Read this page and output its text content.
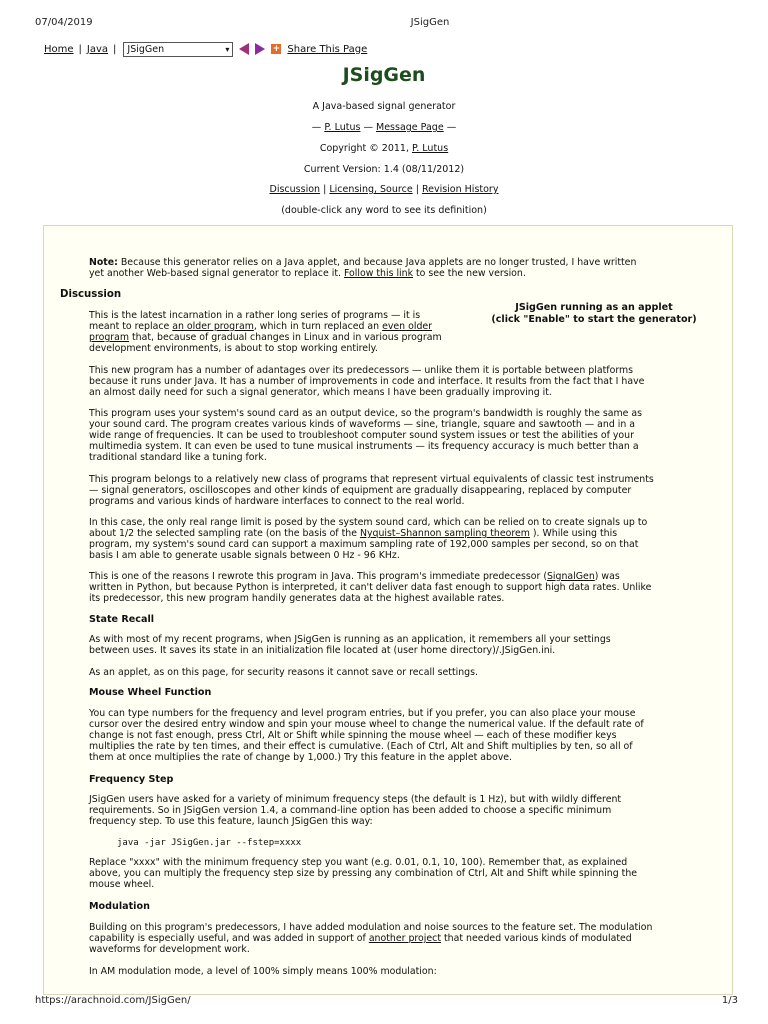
07/04/2019	JSigGen
Home | Java | JSigGen	▾	+ Share This Page
JSigGen
A Java-based signal generator
— P. Lutus — Message Page —
Copyright © 2011, P. Lutus
Current Version: 1.4 (08/11/2012)
Discussion | Licensing, Source | Revision History
(double-click any word to see its definition)
Note: Because this generator relies on a Java applet, and because Java applets are no longer trusted, I have written
yet another Web-based signal generator to replace it. Follow this link to see the new version.
Discussion
JSigGen running as an applet
(click "Enable" to start the generator)
This is the latest incarnation in a rather long series of programs — it is
meant to replace an older program, which in turn replaced an even older
program that, because of gradual changes in Linux and in various program
development environments, is about to stop working entirely.
This new program has a number of adantages over its predecessors — unlike them it is portable between platforms
because it runs under Java. It has a number of improvements in code and interface. It results from the fact that I have
an almost daily need for such a signal generator, which means I have been gradually improving it.
This program uses your system's sound card as an output device, so the program's bandwidth is roughly the same as
your sound card. The program creates various kinds of waveforms — sine, triangle, square and sawtooth — and in a
wide range of frequencies. It can be used to troubleshoot computer sound system issues or test the abilities of your
multimedia system. It can even be used to tune musical instruments — its frequency accuracy is much better than a
traditional standard like a tuning fork.
This program belongs to a relatively new class of programs that represent virtual equivalents of classic test instruments
— signal generators, oscilloscopes and other kinds of equipment are gradually disappearing, replaced by computer
programs and various kinds of hardware interfaces to connect to the real world.
In this case, the only real range limit is posed by the system sound card, which can be relied on to create signals up to
about 1/2 the selected sampling rate (on the basis of the Nyquist–Shannon sampling theorem ). While using this
program, my system's sound card can support a maximum sampling rate of 192,000 samples per second, so on that
basis I am able to generate usable signals between 0 Hz - 96 KHz.
This is one of the reasons I rewrote this program in Java. This program's immediate predecessor (SignalGen) was
written in Python, but because Python is interpreted, it can't deliver data fast enough to support high data rates. Unlike
its predecessor, this new program handily generates data at the highest available rates.
State Recall
As with most of my recent programs, when JSigGen is running as an application, it remembers all your settings
between uses. It saves its state in an initialization file located at (user home directory)/.JSigGen.ini.
As an applet, as on this page, for security reasons it cannot save or recall settings.
Mouse Wheel Function
You can type numbers for the frequency and level program entries, but if you prefer, you can also place your mouse
cursor over the desired entry window and spin your mouse wheel to change the numerical value. If the default rate of
change is not fast enough, press Ctrl, Alt or Shift while spinning the mouse wheel — each of these modifier keys
multiplies the rate by ten times, and their effect is cumulative. (Each of Ctrl, Alt and Shift multiplies by ten, so all of
them at once multiplies the rate of change by 1,000.) Try this feature in the applet above.
Frequency Step
JSigGen users have asked for a variety of minimum frequency steps (the default is 1 Hz), but with wildly different
requirements. So in JSigGen version 1.4, a command-line option has been added to choose a specific minimum
frequency step. To use this feature, launch JSigGen this way:
java -jar JSigGen.jar --fstep=xxxx
Replace "xxxx" with the minimum frequency step you want (e.g. 0.01, 0.1, 10, 100). Remember that, as explained
above, you can multiply the frequency step size by pressing any combination of Ctrl, Alt and Shift while spinning the
mouse wheel.
Modulation
Building on this program's predecessors, I have added modulation and noise sources to the feature set. The modulation
capability is especially useful, and was added in support of another project that needed various kinds of modulated
waveforms for development work.
In AM modulation mode, a level of 100% simply means 100% modulation:
https://arachnoid.com/JSigGen/	1/3
